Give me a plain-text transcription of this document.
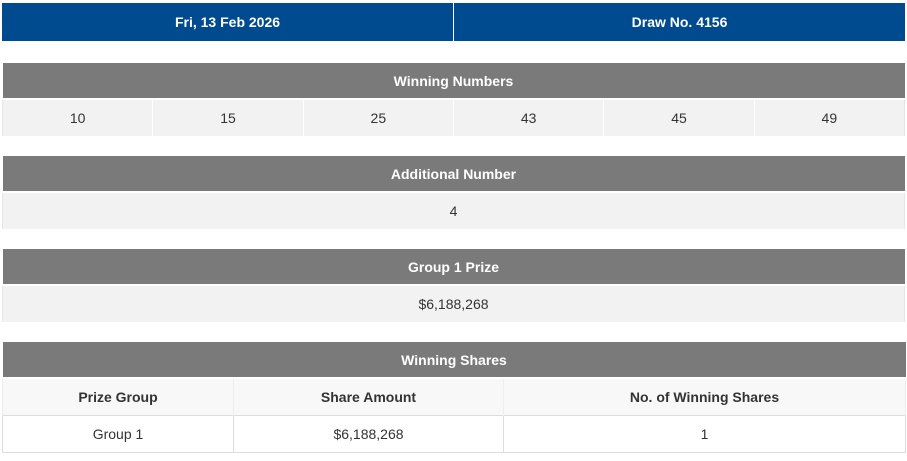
Fri, 13 Feb 2026	Draw No. 4156
Winning Numbers
10	15	25	43	45	49
Additional Number
4
Group 1 Prize
$6,188,268
Winning Shares		
Prize Group	Share Amount	No. of Winning Shares
Group 1	$6,188,268	1
